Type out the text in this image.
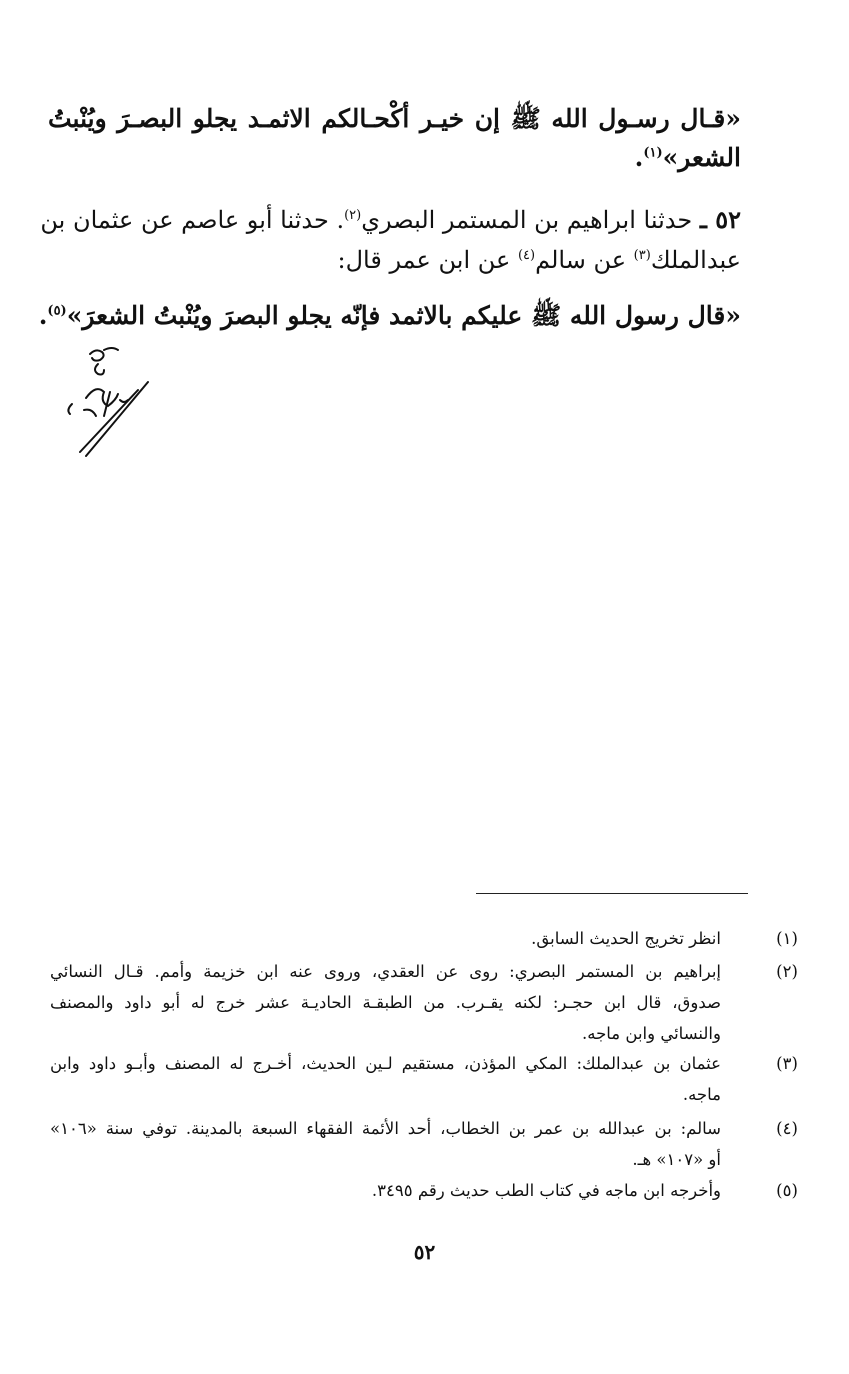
«قـال رسـول الله ﷺ إن خيـر أكْحـالكم الاثمـد يجلو البصـرَ ويُنْبتُ
الشعر»$^{(١)}$.
٥٢ ـ حدثنا ابراهيم بن المستمر البصري$^{(٢)}$. حدثنا أبو عاصم عن عثمان بن
عبدالملك$^{(٣)}$ عن سالم$^{(٤)}$ عن ابن عمر قال:
«قال رسول الله ﷺ عليكم بالاثمد فإنّه يجلو البصرَ ويُنْبتُ الشعرَ»$^{(٥)}$.
(١)
انظر تخريج الحديث السابق.
(٢)
إبراهيم بن المستمر البصري: روى عن العقدي، وروى عنه ابن خزيمة وأمم. قـال النسائي
صدوق، قال ابن حجـر: لكنه يقـرب. من الطبقـة الحاديـة عشر خرج له أبو داود والمصنف
والنسائي وابن ماجه.
(٣)
عثمان بن عبدالملك: المكي المؤذن، مستقيم لـين الحديث، أخـرج له المصنف وأبـو داود وابن
ماجه.
(٤)
سالم: بن عبدالله بن عمر بن الخطاب، أحد الأئمة الفقهاء السبعة بالمدينة. توفي سنة «١٠٦»
أو «١٠٧» هـ.
(٥)
وأخرجه ابن ماجه في كتاب الطب حديث رقم ٣٤٩٥.
٥٢
